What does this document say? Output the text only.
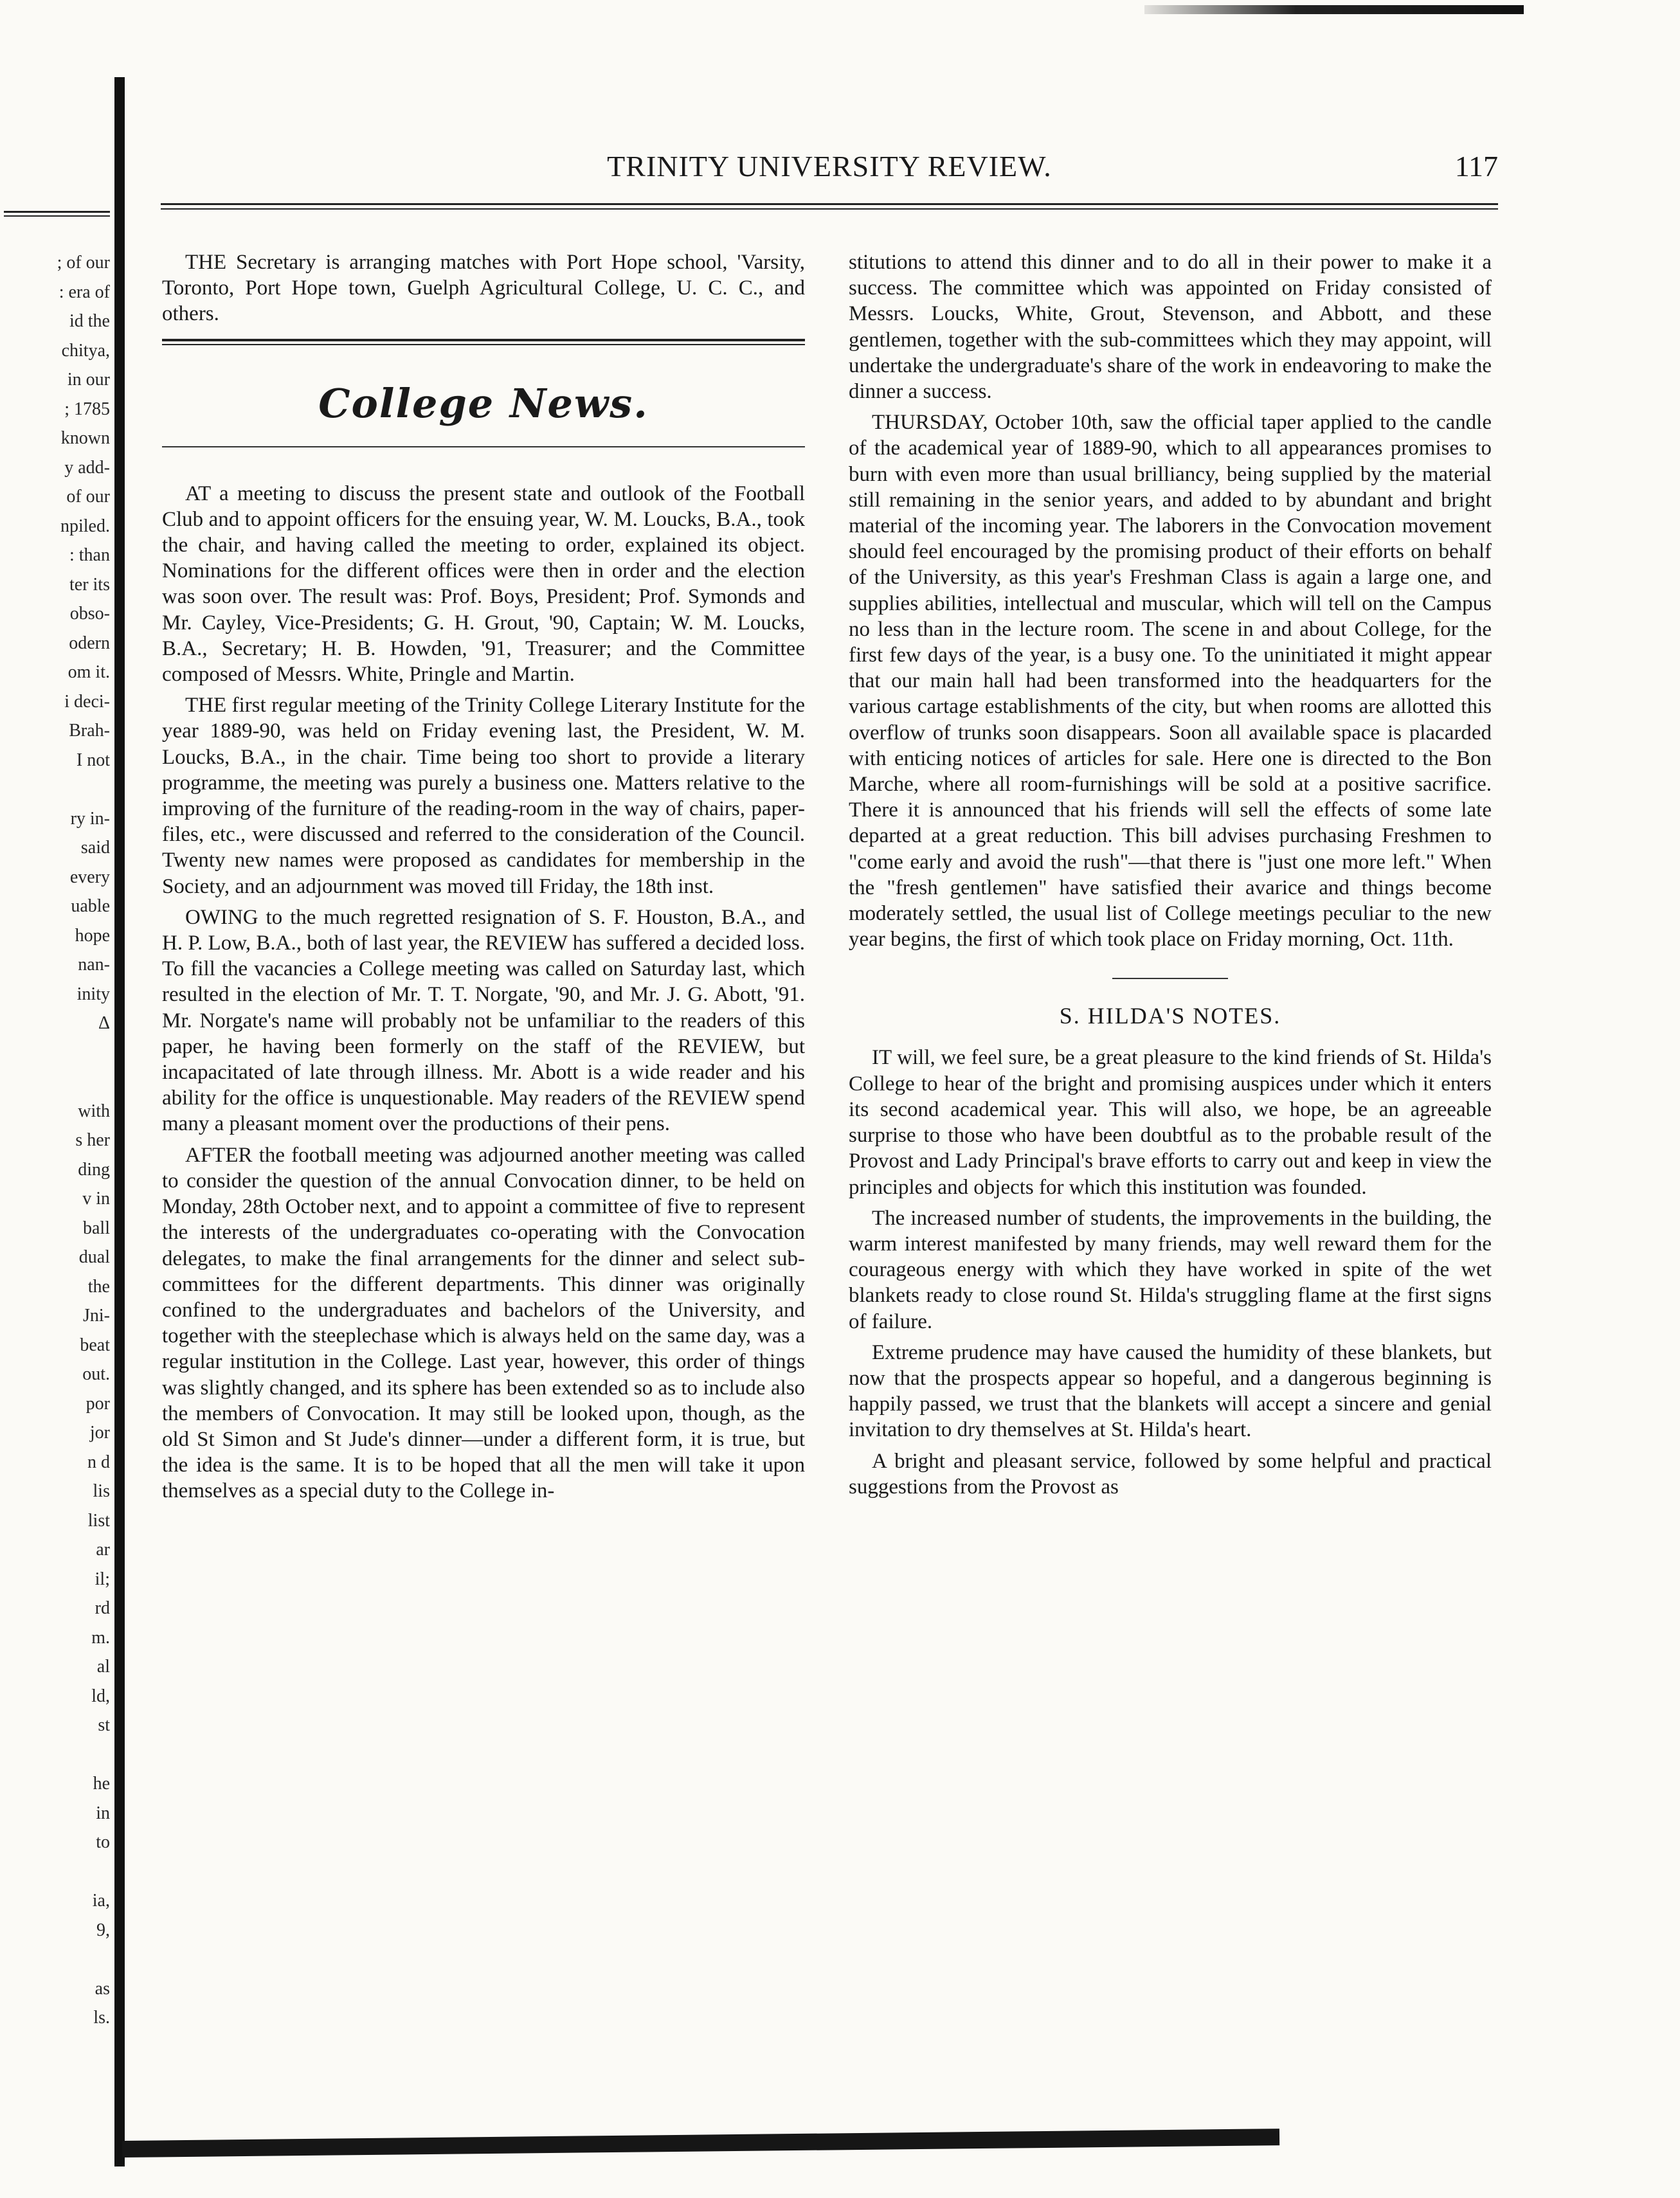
; of our
: era of
id the
chitya,
in our
; 1785
known
y add-
of our
npiled.
: than
ter its
obso-
odern
om it.
i deci-
Brah-
I not
ry in-
said
every
uable
hope
nan-
inity
Δ
with
s her
ding
v in
ball
dual
the
Jni-
beat
out.
por
jor
n d
lis
list
ar
il;
rd
m.
al
ld,
st
he
in
to
ia,
9,
as
ls.
TRINITY UNIVERSITY REVIEW.	117

THE Secretary is arranging matches with Port Hope school, 'Varsity, Toronto, Port Hope town, Guelph Agricultural College, U. C. C., and others.

College News.

AT a meeting to discuss the present state and outlook of the Football Club and to appoint officers for the ensuing year, W. M. Loucks, B.A., took the chair, and having called the meeting to order, explained its object. Nominations for the different offices were then in order and the election was soon over. The result was: Prof. Boys, President; Prof. Symonds and Mr. Cayley, Vice-Presidents; G. H. Grout, '90, Captain; W. M. Loucks, B.A., Secretary; H. B. Howden, '91, Treasurer; and the Committee composed of Messrs. White, Pringle and Martin.

THE first regular meeting of the Trinity College Literary Institute for the year 1889-90, was held on Friday evening last, the President, W. M. Loucks, B.A., in the chair. Time being too short to provide a literary programme, the meeting was purely a business one. Matters relative to the improving of the furniture of the reading-room in the way of chairs, paper-files, etc., were discussed and referred to the consideration of the Council. Twenty new names were proposed as candidates for membership in the Society, and an adjournment was moved till Friday, the 18th inst.

OWING to the much regretted resignation of S. F. Houston, B.A., and H. P. Low, B.A., both of last year, the REVIEW has suffered a decided loss. To fill the vacancies a College meeting was called on Saturday last, which resulted in the election of Mr. T. T. Norgate, '90, and Mr. J. G. Abott, '91. Mr. Norgate's name will probably not be unfamiliar to the readers of this paper, he having been formerly on the staff of the REVIEW, but incapacitated of late through illness. Mr. Abott is a wide reader and his ability for the office is unquestionable. May readers of the REVIEW spend many a pleasant moment over the productions of their pens.

AFTER the football meeting was adjourned another meeting was called to consider the question of the annual Convocation dinner, to be held on Monday, 28th October next, and to appoint a committee of five to represent the interests of the undergraduates co-operating with the Convocation delegates, to make the final arrangements for the dinner and select sub-committees for the different departments. This dinner was originally confined to the undergraduates and bachelors of the University, and together with the steeplechase which is always held on the same day, was a regular institution in the College. Last year, however, this order of things was slightly changed, and its sphere has been extended so as to include also the members of Convocation. It may still be looked upon, though, as the old St Simon and St Jude's dinner—under a different form, it is true, but the idea is the same. It is to be hoped that all the men will take it upon themselves as a special duty to the College in-

stitutions to attend this dinner and to do all in their power to make it a success. The committee which was appointed on Friday consisted of Messrs. Loucks, White, Grout, Stevenson, and Abbott, and these gentlemen, together with the sub-committees which they may appoint, will undertake the undergraduate's share of the work in endeavoring to make the dinner a success.

THURSDAY, October 10th, saw the official taper applied to the candle of the academical year of 1889-90, which to all appearances promises to burn with even more than usual brilliancy, being supplied by the material still remaining in the senior years, and added to by abundant and bright material of the incoming year. The laborers in the Convocation movement should feel encouraged by the promising product of their efforts on behalf of the University, as this year's Freshman Class is again a large one, and supplies abilities, intellectual and muscular, which will tell on the Campus no less than in the lecture room. The scene in and about College, for the first few days of the year, is a busy one. To the uninitiated it might appear that our main hall had been transformed into the headquarters for the various cartage establishments of the city, but when rooms are allotted this overflow of trunks soon disappears. Soon all available space is placarded with enticing notices of articles for sale. Here one is directed to the Bon Marche, where all room-furnishings will be sold at a positive sacrifice. There it is announced that his friends will sell the effects of some late departed at a great reduction. This bill advises purchasing Freshmen to "come early and avoid the rush"—that there is "just one more left." When the "fresh gentlemen" have satisfied their avarice and things become moderately settled, the usual list of College meetings peculiar to the new year begins, the first of which took place on Friday morning, Oct. 11th.

S. HILDA'S NOTES.

IT will, we feel sure, be a great pleasure to the kind friends of St. Hilda's College to hear of the bright and promising auspices under which it enters its second academical year. This will also, we hope, be an agreeable surprise to those who have been doubtful as to the probable result of the Provost and Lady Principal's brave efforts to carry out and keep in view the principles and objects for which this institution was founded.

The increased number of students, the improvements in the building, the warm interest manifested by many friends, may well reward them for the courageous energy with which they have worked in spite of the wet blankets ready to close round St. Hilda's struggling flame at the first signs of failure.

Extreme prudence may have caused the humidity of these blankets, but now that the prospects appear so hopeful, and a dangerous beginning is happily passed, we trust that the blankets will accept a sincere and genial invitation to dry themselves at St. Hilda's heart.

A bright and pleasant service, followed by some helpful and practical suggestions from the Provost as
